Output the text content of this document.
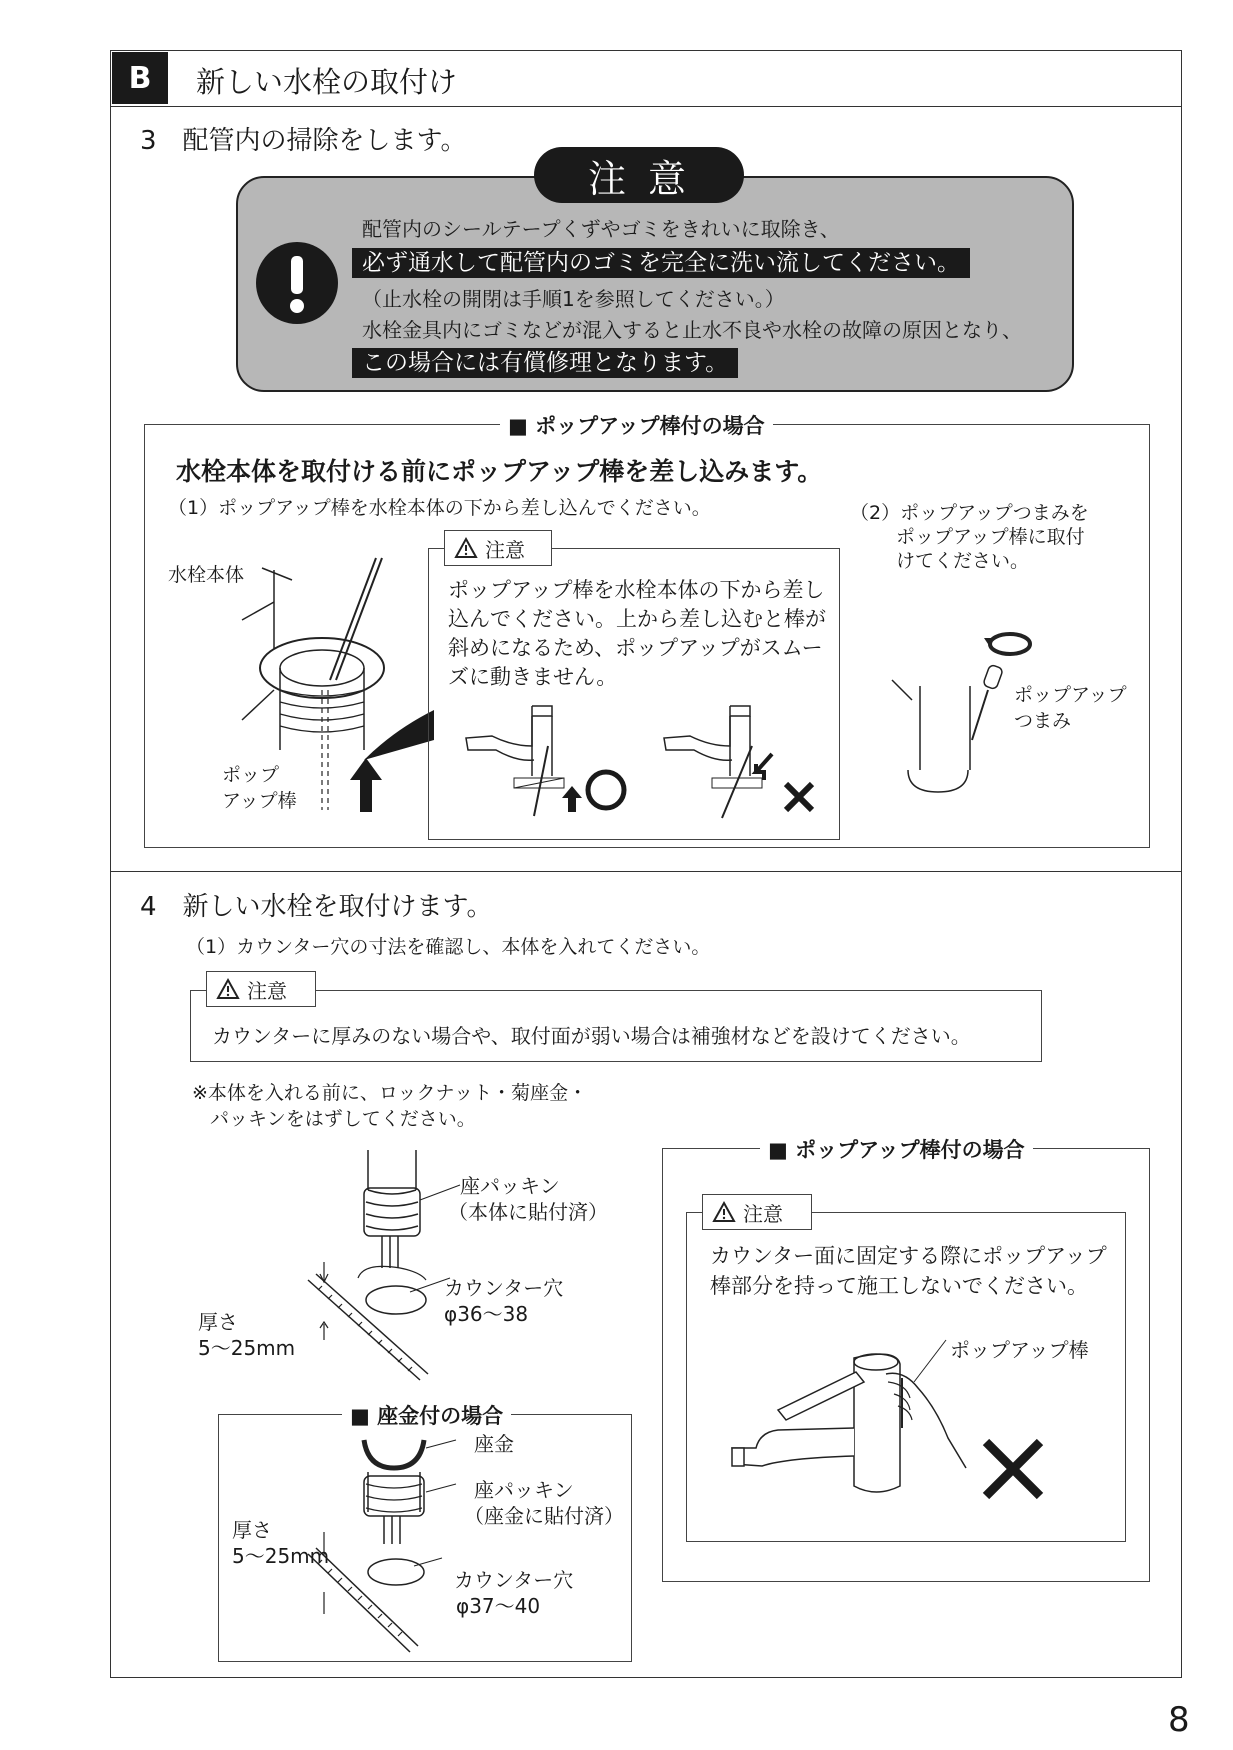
B	新しい水栓の取付け
3　配管内の掃除をします。
注意
配管内のシールテープくずやゴミをきれいに取除き、
必ず通水して配管内のゴミを完全に洗い流してください。
（止水栓の開閉は手順1を参照してください。）
水栓金具内にゴミなどが混入すると止水不良や水栓の故障の原因となり、
この場合には有償修理となります。
■ ポップアップ棒付の場合
水栓本体を取付ける前にポップアップ棒を差し込みます。
（1）ポップアップ棒を水栓本体の下から差し込んでください。	（2）ポップアップつまみを
ポップアップ棒に取付
けてください。
水栓本体
ポップ
アップ棒
注意
ポップアップ棒を水栓本体の下から差し
込んでください。上から差し込むと棒が
斜めになるため、ポップアップがスムー
ズに動きません。
ポップアップ
つまみ
4　新しい水栓を取付けます。
（1）カウンター穴の寸法を確認し、本体を入れてください。
注意
カウンターに厚みのない場合や、取付面が弱い場合は補強材などを設けてください。
※本体を入れる前に、ロックナット・菊座金・
パッキンをはずしてください。
座パッキン
（本体に貼付済）
カウンター穴
φ36〜38
厚さ
5〜25mm
■ 座金付の場合
座金
座パッキン
（座金に貼付済）
カウンター穴
φ37〜40
厚さ
5〜25mm
■ ポップアップ棒付の場合
注意
カウンター面に固定する際にポップアップ
棒部分を持って施工しないでください。
ポップアップ棒
8
